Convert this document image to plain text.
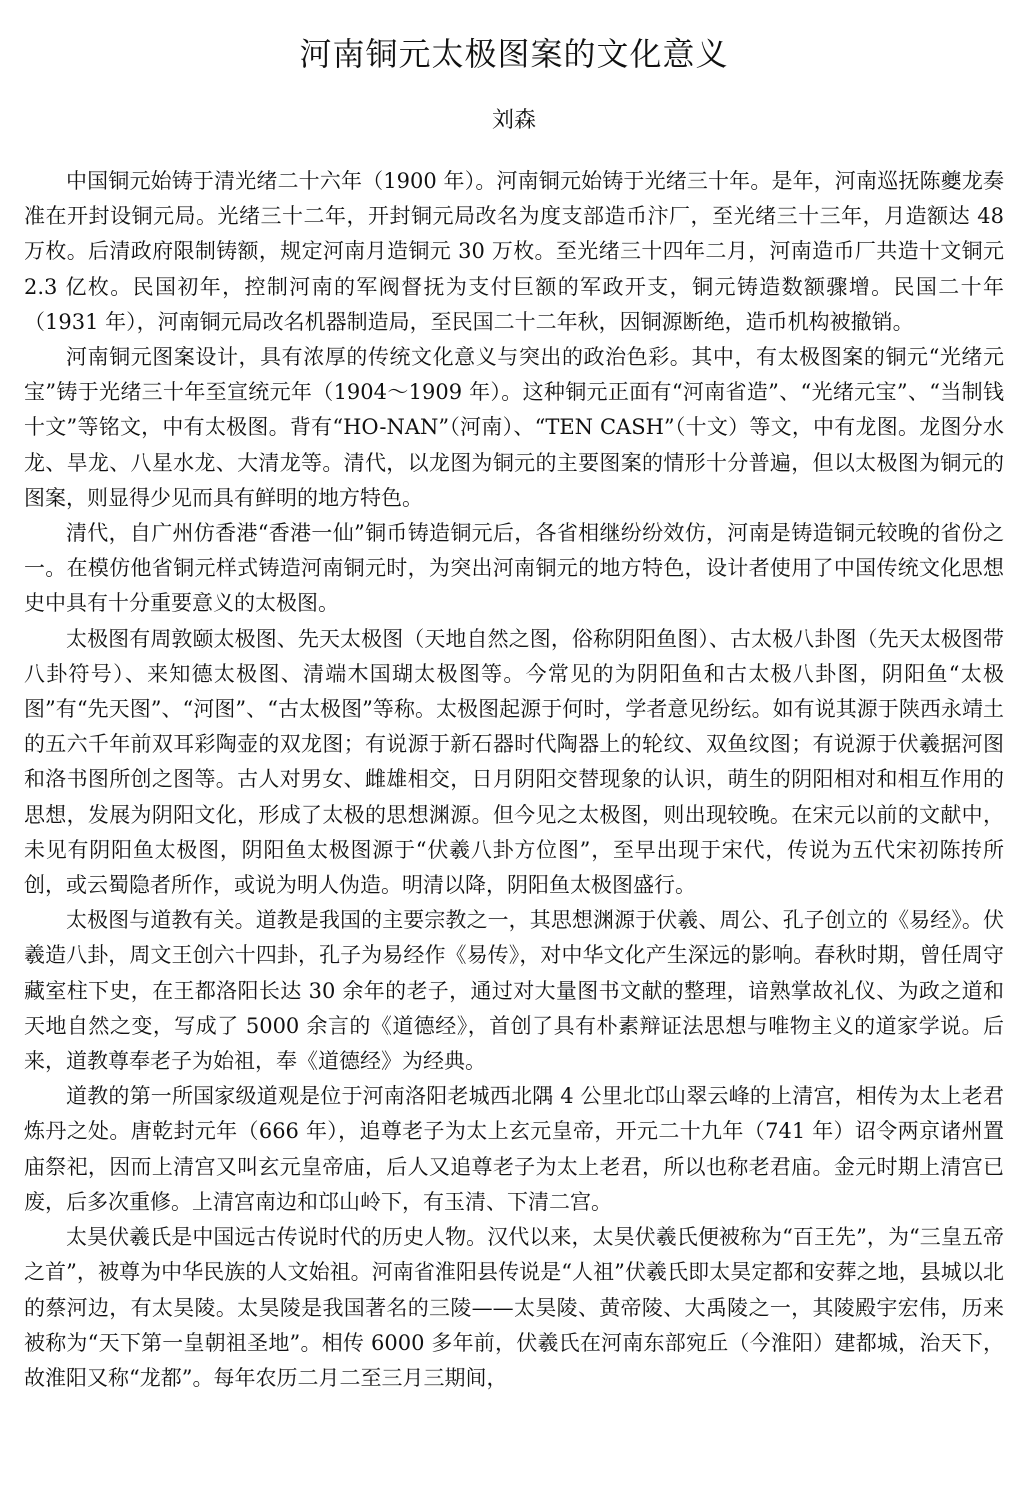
河南铜元太极图案的文化意义
刘森

中国铜元始铸于清光绪二十六年（1900 年）。河南铜元始铸于光绪三十年。是年，河南巡抚陈夔龙奏准在开封设铜元局。光绪三十二年，开封铜元局改名为度支部造币汴厂，至光绪三十三年，月造额达 48 万枚。后清政府限制铸额，规定河南月造铜元 30 万枚。至光绪三十四年二月，河南造币厂共造十文铜元 2.3 亿枚。民国初年，控制河南的军阀督抚为支付巨额的军政开支，铜元铸造数额骤增。民国二十年（1931 年），河南铜元局改名机器制造局，至民国二十二年秋，因铜源断绝，造币机构被撤销。

河南铜元图案设计，具有浓厚的传统文化意义与突出的政治色彩。其中，有太极图案的铜元“光绪元宝”铸于光绪三十年至宣统元年（1904～1909 年）。这种铜元正面有“河南省造”、“光绪元宝”、“当制钱十文”等铭文，中有太极图。背有“HO-NAN”（河南）、“TEN CASH”（十文）等文，中有龙图。龙图分水龙、旱龙、八星水龙、大清龙等。清代，以龙图为铜元的主要图案的情形十分普遍，但以太极图为铜元的图案，则显得少见而具有鲜明的地方特色。

清代，自广州仿香港“香港一仙”铜币铸造铜元后，各省相继纷纷效仿，河南是铸造铜元较晚的省份之一。在模仿他省铜元样式铸造河南铜元时，为突出河南铜元的地方特色，设计者使用了中国传统文化思想史中具有十分重要意义的太极图。

太极图有周敦颐太极图、先天太极图（天地自然之图，俗称阴阳鱼图）、古太极八卦图（先天太极图带八卦符号）、来知德太极图、清端木国瑚太极图等。今常见的为阴阳鱼和古太极八卦图，阴阳鱼“太极图”有“先天图”、“河图”、“古太极图”等称。太极图起源于何时，学者意见纷纭。如有说其源于陕西永靖土的五六千年前双耳彩陶壶的双龙图；有说源于新石器时代陶器上的轮纹、双鱼纹图；有说源于伏羲据河图和洛书图所创之图等。古人对男女、雌雄相交，日月阴阳交替现象的认识，萌生的阴阳相对和相互作用的思想，发展为阴阳文化，形成了太极的思想渊源。但今见之太极图，则出现较晚。在宋元以前的文献中，未见有阴阳鱼太极图，阴阳鱼太极图源于“伏羲八卦方位图”，至早出现于宋代，传说为五代宋初陈抟所创，或云蜀隐者所作，或说为明人伪造。明清以降，阴阳鱼太极图盛行。

太极图与道教有关。道教是我国的主要宗教之一，其思想渊源于伏羲、周公、孔子创立的《易经》。伏羲造八卦，周文王创六十四卦，孔子为易经作《易传》，对中华文化产生深远的影响。春秋时期，曾任周守藏室柱下史，在王都洛阳长达 30 余年的老子，通过对大量图书文献的整理，谙熟掌故礼仪、为政之道和天地自然之变，写成了 5000 余言的《道德经》，首创了具有朴素辩证法思想与唯物主义的道家学说。后来，道教尊奉老子为始祖，奉《道德经》为经典。

道教的第一所国家级道观是位于河南洛阳老城西北隅 4 公里北邙山翠云峰的上清宫，相传为太上老君炼丹之处。唐乾封元年（666 年），追尊老子为太上玄元皇帝，开元二十九年（741 年）诏令两京诸州置庙祭祀，因而上清宫又叫玄元皇帝庙，后人又追尊老子为太上老君，所以也称老君庙。金元时期上清宫已废，后多次重修。上清宫南边和邙山岭下，有玉清、下清二宫。

太昊伏羲氏是中国远古传说时代的历史人物。汉代以来，太昊伏羲氏便被称为“百王先”，为“三皇五帝之首”，被尊为中华民族的人文始祖。河南省淮阳县传说是“人祖”伏羲氏即太昊定都和安葬之地，县城以北的蔡河边，有太昊陵。太昊陵是我国著名的三陵——太昊陵、黄帝陵、大禹陵之一，其陵殿宇宏伟，历来被称为“天下第一皇朝祖圣地”。相传 6000 多年前，伏羲氏在河南东部宛丘（今淮阳）建都城，治天下，故淮阳又称“龙都”。每年农历二月二至三月三期间，
